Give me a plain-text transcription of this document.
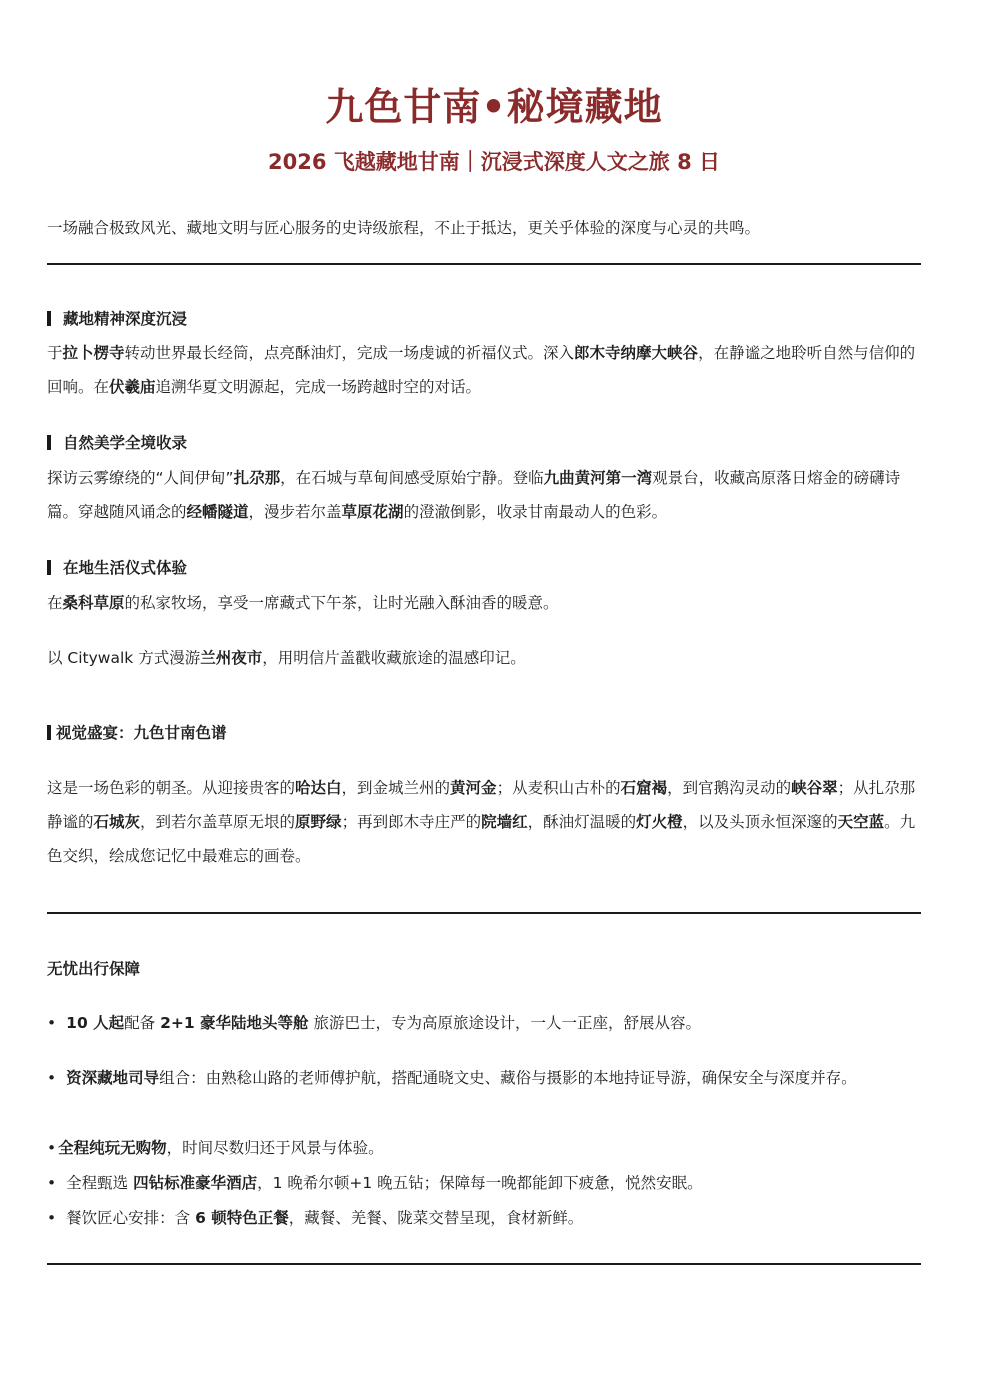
九色甘南•秘境藏地
2026 飞越藏地甘南｜沉浸式深度人文之旅 8 日

一场融合极致风光、藏地文明与匠心服务的史诗级旅程，不止于抵达，更关乎体验的深度与心灵的共鸣。

藏地精神深度沉浸

于拉卜楞寺转动世界最长经筒，点亮酥油灯，完成一场虔诚的祈福仪式。深入郎木寺纳摩大峡谷，在静谧之地聆听自然与信仰的回响。在伏羲庙追溯华夏文明源起，完成一场跨越时空的对话。

自然美学全境收录

探访云雾缭绕的“人间伊甸”扎尕那，在石城与草甸间感受原始宁静。登临九曲黄河第一湾观景台，收藏高原落日熔金的磅礴诗篇。穿越随风诵念的经幡隧道，漫步若尔盖草原花湖的澄澈倒影，收录甘南最动人的色彩。

在地生活仪式体验

在桑科草原的私家牧场，享受一席藏式下午茶，让时光融入酥油香的暖意。

以 Citywalk 方式漫游兰州夜市，用明信片盖戳收藏旅途的温感印记。

视觉盛宴：九色甘南色谱

这是一场色彩的朝圣。从迎接贵客的哈达白，到金城兰州的黄河金；从麦积山古朴的石窟褐，到官鹅沟灵动的峡谷翠；从扎尕那静谧的石城灰，到若尔盖草原无垠的原野绿；再到郎木寺庄严的院墙红，酥油灯温暖的灯火橙，以及头顶永恒深邃的天空蓝。九色交织，绘成您记忆中最难忘的画卷。

无忧出行保障

• 10 人起配备 2+1 豪华陆地头等舱 旅游巴士，专为高原旅途设计，一人一正座，舒展从容。

• 资深藏地司导组合：由熟稔山路的老师傅护航，搭配通晓文史、藏俗与摄影的本地持证导游，确保安全与深度并存。

• 全程纯玩无购物，时间尽数归还于风景与体验。

• 全程甄选 四钻标准豪华酒店，1 晚希尔顿+1 晚五钻；保障每一晚都能卸下疲惫，悦然安眠。

• 餐饮匠心安排：含 6 顿特色正餐，藏餐、羌餐、陇菜交替呈现，食材新鲜。
